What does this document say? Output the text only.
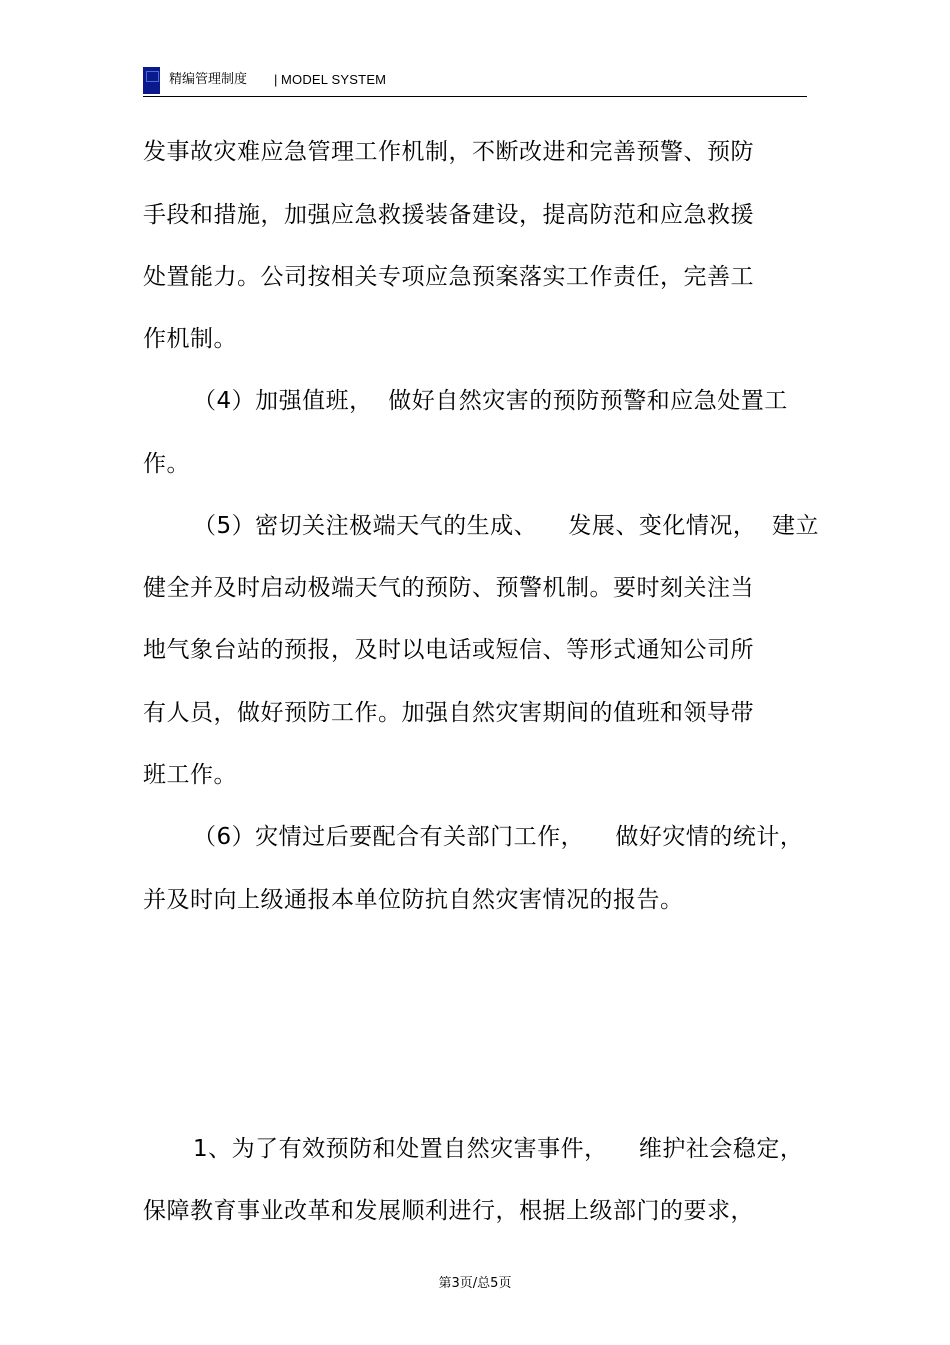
精编管理制度 | MODEL SYSTEM
发事故灾难应急管理工作机制，不断改进和完善预警、预防
手段和措施，加强应急救援装备建设，提高防范和应急救援
处置能力。公司按相关专项应急预案落实工作责任，完善工
作机制。
（4）加强值班，  做好自然灾害的预防预警和应急处置工
作。
（5）密切关注极端天气的生成、    发展、变化情况，  建立
健全并及时启动极端天气的预防、预警机制。要时刻关注当
地气象台站的预报，及时以电话或短信、等形式通知公司所
有人员，做好预防工作。加强自然灾害期间的值班和领导带
班工作。
（6）灾情过后要配合有关部门工作，    做好灾情的统计，
并及时向上级通报本单位防抗自然灾害情况的报告。
1、为了有效预防和处置自然灾害事件，    维护社会稳定，
保障教育事业改革和发展顺利进行，根据上级部门的要求，
第3页/总5页
